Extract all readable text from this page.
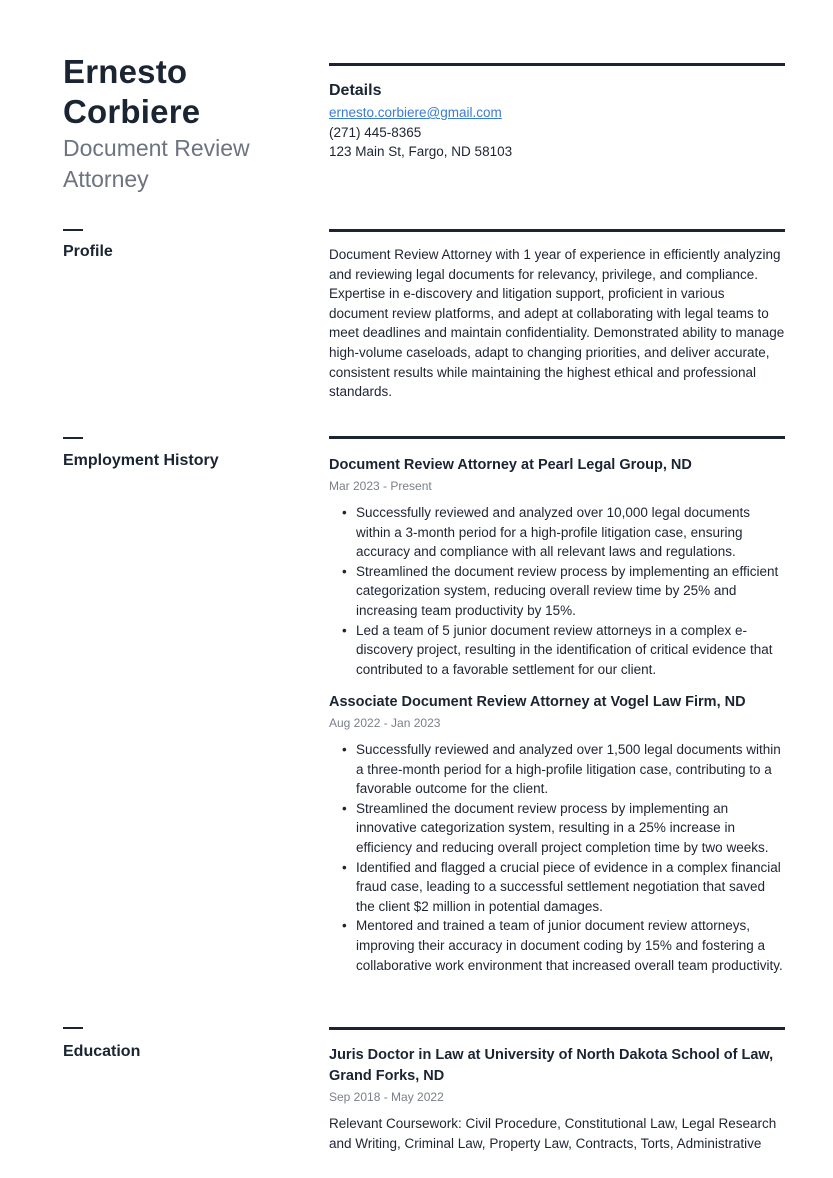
Ernesto
Corbiere
Document Review
Attorney
Details
ernesto.corbiere@gmail.com
(271) 445-8365
123 Main St, Fargo, ND 58103
Profile	Document Review Attorney with 1 year of experience in efficiently analyzing and reviewing legal documents for relevancy, privilege, and compliance. Expertise in e-discovery and litigation support, proficient in various document review platforms, and adept at collaborating with legal teams to meet deadlines and maintain confidentiality. Demonstrated ability to manage high-volume caseloads, adapt to changing priorities, and deliver accurate, consistent results while maintaining the highest ethical and professional standards.
Employment History	Document Review Attorney at Pearl Legal Group, ND
Mar 2023 - Present
• Successfully reviewed and analyzed over 10,000 legal documents within a 3-month period for a high-profile litigation case, ensuring accuracy and compliance with all relevant laws and regulations.
• Streamlined the document review process by implementing an efficient categorization system, reducing overall review time by 25% and increasing team productivity by 15%.
• Led a team of 5 junior document review attorneys in a complex e-discovery project, resulting in the identification of critical evidence that contributed to a favorable settlement for our client.
Associate Document Review Attorney at Vogel Law Firm, ND
Aug 2022 - Jan 2023
• Successfully reviewed and analyzed over 1,500 legal documents within a three-month period for a high-profile litigation case, contributing to a favorable outcome for the client.
• Streamlined the document review process by implementing an innovative categorization system, resulting in a 25% increase in efficiency and reducing overall project completion time by two weeks.
• Identified and flagged a crucial piece of evidence in a complex financial fraud case, leading to a successful settlement negotiation that saved the client $2 million in potential damages.
• Mentored and trained a team of junior document review attorneys, improving their accuracy in document coding by 15% and fostering a collaborative work environment that increased overall team productivity.
Education	Juris Doctor in Law at University of North Dakota School of Law, Grand Forks, ND
Sep 2018 - May 2022
Relevant Coursework: Civil Procedure, Constitutional Law, Legal Research and Writing, Criminal Law, Property Law, Contracts, Torts, Administrative
